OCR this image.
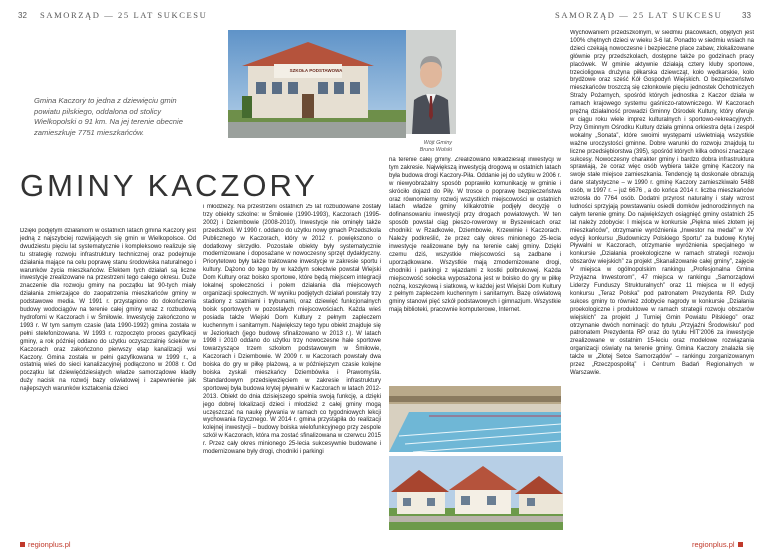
32 SAMORZĄD — 25 LAT SUKCESU	SAMORZĄD — 25 LAT SUKCESU 33
Gmina Kaczory to jedna z dziewięciu gmin powiatu pilskiego, oddalona od stolicy Wielkopolski o 91 km. Na jej terenie obecnie zamieszkuje 7751 mieszkańców.
SZKOŁA PODSTAWOWA
Wójt Gminy
Bruno Wolski
GMINY KACZORY
Dzięki podjętym działaniom w ostatnich latach gmina Kaczory jest jedną z najszybciej rozwijających się gmin w Wielkopolsce. Od dwudziestu pięciu lat systematycznie i kompleksowo realizuje się tu strategię rozwoju infrastruktury technicznej oraz podejmuje działania mające na celu poprawę stanu środowiska naturalnego i warunków życia mieszkańców. Efektem tych działań są liczne inwestycje zrealizowane na przestrzeni tego całego okresu. Duże znaczenie dla rozwoju gminy na początku lat 90-tych miały działania zmierzające do zaopatrzenia mieszkańców gminy w podstawowe media. W 1991 r. przystąpiono do dokończenia budowy wodociągów na terenie całej gminy wraz z rozbudową hydroforni w Kaczorach i w Śmiłowie. Inwestycję zakończono w 1993 r. W tym samym czasie (lata 1990-1992) gmina została w pełni stelefonizowana. W 1993 r. rozpoczęto proces gazyfikacji gminy, a rok później oddano do użytku oczyszczalnię ścieków w Kaczorach oraz zakończono pierwszy etap kanalizacji wsi Kaczory. Gmina została w pełni gazyfikowana w 1999 r., a ostatnią wieś do sieci kanalizacyjnej podłączono w 2008 r. Od początku lat dziewięćdziesiątych władze samorządowe kładły duży nacisk na rozwój bazy oświatowej i zapewnienie jak najlepszych warunków kształcenia dzieci
i młodzieży. Na przestrzeni ostatnich 25 lat rozbudowane zostały trzy obiekty szkolne: w Śmiłowie (1990-1993), Kaczorach (1995-2002) i Dziembowie (2008-2010). Inwestycje nie ominęły także przedszkoli. W 1990 r. oddano do użytku nowy gmach Przedszkola Publicznego w Kaczorach, który w 2012 r. powiększono o dodatkowy skrzydło. Pozostałe obiekty były systematycznie modernizowane i doposażane w nowoczesny sprzęt dydaktyczny. Priorytetowo były także traktowane inwestycje w zakresie sportu i kultury. Dążono do tego by w każdym sołectwie powstał Wiejski Dom Kultury oraz boisko sportowe, które będą miejscem integracji lokalnej społeczności i polem działania dla miejscowych organizacji społecznych. W wyniku podjętych działań powstały trzy stadiony z szatniami i trybunami, oraz dziewięć funkcjonalnych boisk sportowych w pozostałych miejscowościach. Każda wieś posiada także Wiejski Dom Kultury z pełnym zapleczem kuchennym i sanitarnym. Największy tego typu obiekt znajduje się w Jeziorkach (jego budowę sfinalizowano w 2013 r.). W latach 1998 i 2010 oddano do użytku trzy nowoczesne hale sportowe towarzyszące trzem szkołom podstawowym w Śmiłowie, Kaczorach i Dziembowie. W 2009 r. w Kaczorach powstały dwa boiska do gry w piłkę plażową, a w późniejszym czasie kolejne boiska zyskali mieszkańcy Dziembówka i Prawomyśla. Standardowym przedsięwzięciem w zakresie infrastruktury sportowej była budowa krytej pływalni w Kaczorach w latach 2012-2013. Obiekt do dnia dzisiejszego spełnia swoją funkcję, a dzięki jego dobrej lokalizacji dzieci i młodzież z całej gminy mogą uczęszczać na naukę pływania w ramach co tygodniowych lekcji wychowania fizycznego. W 2014 r. gmina przystąpiła do realizacji kolejnej inwestycji – budowy boiska wielofunkcyjnego przy zespole szkół w Kaczorach, która ma zostać sfinalizowana w czerwcu 2015 r. Przez cały okres minionego 25-lecia sukcesywnie budowane i modernizowane były drogi, chodniki i parkingi
na terenie całej gminy. Zrealizowano kilkadziesiąt inwestycji w tym zakresie. Największą inwestycją drogową w ostatnich latach była budowa drogi Kaczory-Piła. Oddanie jej do użytku w 2006 r. w niewyobrażalny sposób poprawiło komunikację w gminie i skróciło dojazd do Piły. W trosce o poprawę bezpieczeństwa oraz równomierny rozwój wszystkich miejscowości w ostatnich latach władze gminy kilkakrotnie podjęły decyzję o dofinansowaniu inwestycji przy drogach powiatowych. W ten sposób powstał ciąg pieszo-rowerowy w Byszewicach oraz chodniki: w Rzadkowie, Dziembowie, Krzewinie i Kaczorach. Należy podkreślić, że przez cały okres minionego 25-lecia inwestycje realizowane były na terenie całej gminy. Dzięki czemu dziś, wszystkie miejscowości są zadbane i uporządkowane. Wszystkie mają zmodernizowane drogi, chodniki i parkingi z wjazdami z kostki polbrukowej. Każda miejscowość sołecka wyposażona jest w boisko do gry w piłkę nożną, koszykową i siatkową, w każdej jest Wiejski Dom Kultury z pełnym zapleczem kuchennym i sanitarnym. Bazę oświatową gminy stanowi pięć szkół podstawowych i gimnazjum. Wszystkie mają biblioteki, pracownie komputerowe, Internet.
Wychowaniem przedszkolnym, w siedmiu placówkach, objętych jest 100% chętnych dzieci w wieku 3-6 lat. Ponadto w siedmiu wsiach na dzieci czekają nowoczesne i bezpieczne place zabaw, zlokalizowane głównie przy przedszkolach, dostępne także po godzinach pracy placówek. W gminie aktywnie działają cztery kluby sportowe, trzecioligowa drużyna piłkarska dziewcząt, koło wędkarskie, koło brydżowe oraz sześć Kół Gospodyń Wiejskich. O bezpieczeństwo mieszkańców troszczą się członkowie pięciu jednostek Ochotniczych Straży Pożarnych, spośród których jednostka z Kaczor działa w ramach krajowego systemu gaśniczo-ratowniczego. W Kaczorach prężną działalność prowadzi Gminny Ośrodek Kultury, który oferuje w ciągu roku wiele imprez kulturalnych i sportowo-rekreacyjnych. Przy Gminnym Ośrodku Kultury działa gminna orkiestra dęta i zespół wokalny „Sonata”, które swoimi występami uświetniają wszystkie ważne uroczystości gminne. Dobre warunki do rozwoju znajdują tu liczne przedsiębiorstwa (395), spośród których kilka odnosi znaczące sukcesy. Nowoczesny charakter gminy i bardzo dobra infrastruktura sprawiają, że coraz więc osób wybiera także gminę Kaczory na swoje stałe miejsce zamieszkania. Tendencję tą doskonale obrazują dane statystyczne – w 1990 r. gminę Kaczory zamieszkiwało 5488 osób, w 1997 r. – już 6676 , a do końca 2014 r. liczba mieszkańców wzrosła do 7764 osób. Dodatni przyrost naturalny i stały wzrost ludności sprzyjają powstawaniu osiedli domków jednorodzinnych na całym terenie gminy. Do najwiękśzych osiągnięć gminy ostatnich 25 lat należy zdobycie: I miejsca w konkursie „Piękna wieś złotem jej mieszkańców”, otrzymanie wyróżnienia „Inwestor na medal” w XV edycji konkursu „Budowniczy Polskiego Sportu” za budowę Krytej Pływalni w Kaczorach, otrzymanie wyróżnienia specjalnego w konkursie „Działania proekologiczne w ramach strategii rozwoju obszarów wiejskich” za projekt „Skanalizowanie całej gminy”, zajęcie V miejsca w ogólnopolskim rankingu „Profesjonalna Gmina Przyjazna Inwestorom”, 47 miejsca w rankingu „Samorządowi Liderzy Funduszy Strukturalnych” oraz 11 miejsca w II edycji konkursu „Teraz Polska” pod patronatem Prezydenta RP. Duży sukces gminy to również zdobycie nagrody w konkursie „Działania proekologiczne i produktowe w ramach strategii rozwoju obszarów wiejskich” za projekt „I Turniej Gmin Powiatu Pilskiego” oraz otrzymanie dwóch nominacji: do tytułu „Przyjaźni Środowisku” pod patronatem Prezydenta RP oraz do tytułu HIT’2006 za inwestycje zrealizowane w ostatnim 15-leciu oraz modelowe rozwiązania organizacji oświaty na terenie gminy. Gmina Kaczory znalazła się także w „Złotej Setce Samorządów” – rankingu zorganizowanym przez „Rzeczpospolitą” i Centrum Badań Regionalnych w Warszawie.
regionplus.pl	regionplus.pl
